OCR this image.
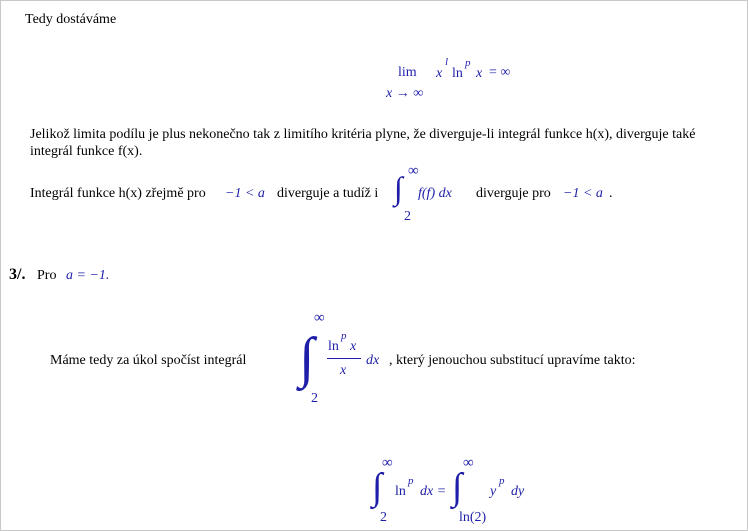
Tedy dostáváme
lim x
l
ln
p
x = ∞
x → ∞
Jelikož limita podílu je plus nekonečno tak z limitího kritéria plyne, že diverguje-li integrál funkce h(x), diverguje také integrál funkce f(x).
Integrál funkce h(x) zřejmě pro −1 < a diverguje a tudíž i ∫ ∞
2
f(f) dx diverguje pro −1 < a .
3/. Pro a = −1.
Máme tedy za úkol spočíst integrál ∫
∞
2
ln
p
x
x
dx , který jenouchou substitucí upravíme takto:
∫
∞
2
ln
p
dx = ∫
∞
ln(2)
y
p
dy
